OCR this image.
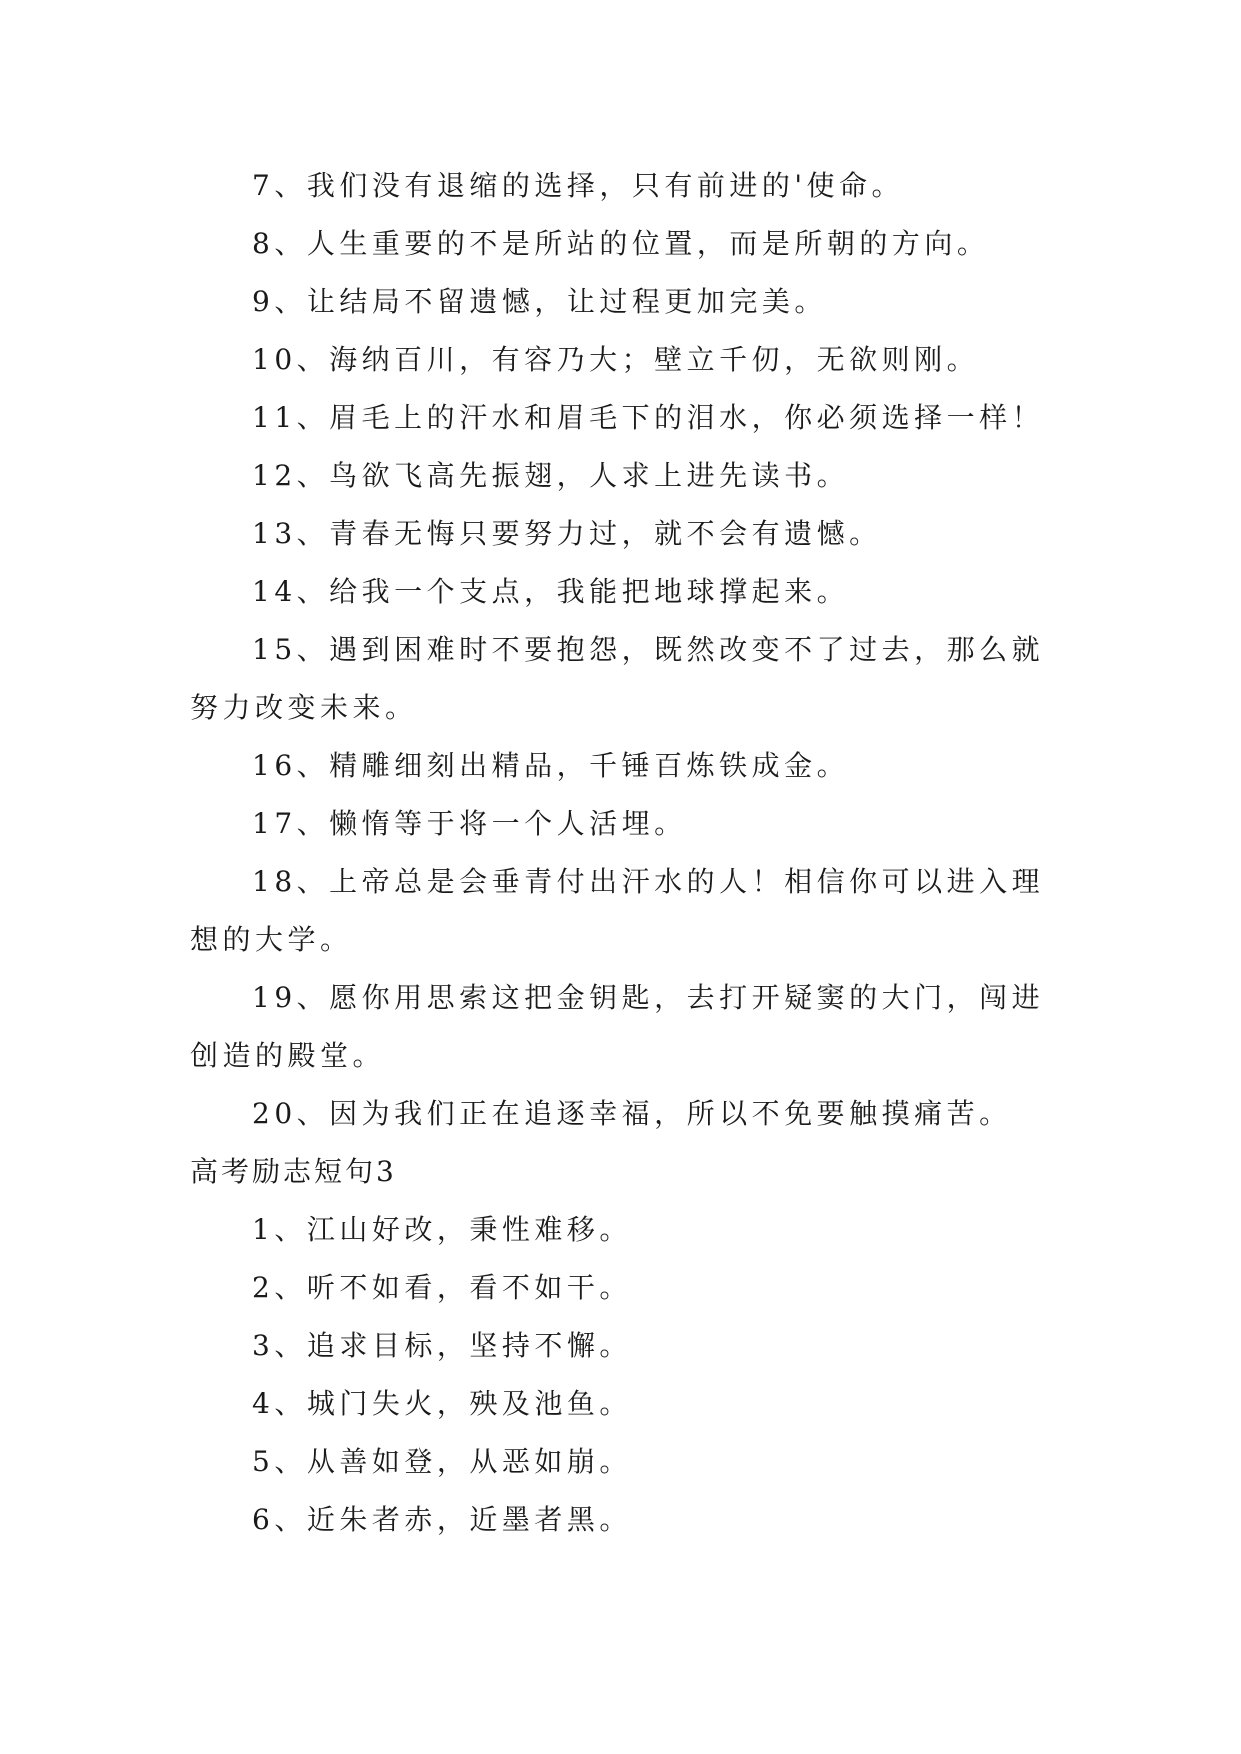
7、我们没有退缩的选择，只有前进的'使命。
8、人生重要的不是所站的位置，而是所朝的方向。
9、让结局不留遗憾，让过程更加完美。
10、海纳百川，有容乃大；壁立千仞，无欲则刚。
11、眉毛上的汗水和眉毛下的泪水，你必须选择一样！
12、鸟欲飞高先振翅，人求上进先读书。
13、青春无悔只要努力过，就不会有遗憾。
14、给我一个支点，我能把地球撑起来。
15、遇到困难时不要抱怨，既然改变不了过去，那么就
努力改变未来。
16、精雕细刻出精品，千锤百炼铁成金。
17、懒惰等于将一个人活埋。
18、上帝总是会垂青付出汗水的人！相信你可以进入理
想的大学。
19、愿你用思索这把金钥匙，去打开疑窦的大门，闯进
创造的殿堂。
20、因为我们正在追逐幸福，所以不免要触摸痛苦。
高考励志短句3
1、江山好改，秉性难移。
2、听不如看，看不如干。
3、追求目标，坚持不懈。
4、城门失火，殃及池鱼。
5、从善如登，从恶如崩。
6、近朱者赤，近墨者黑。
